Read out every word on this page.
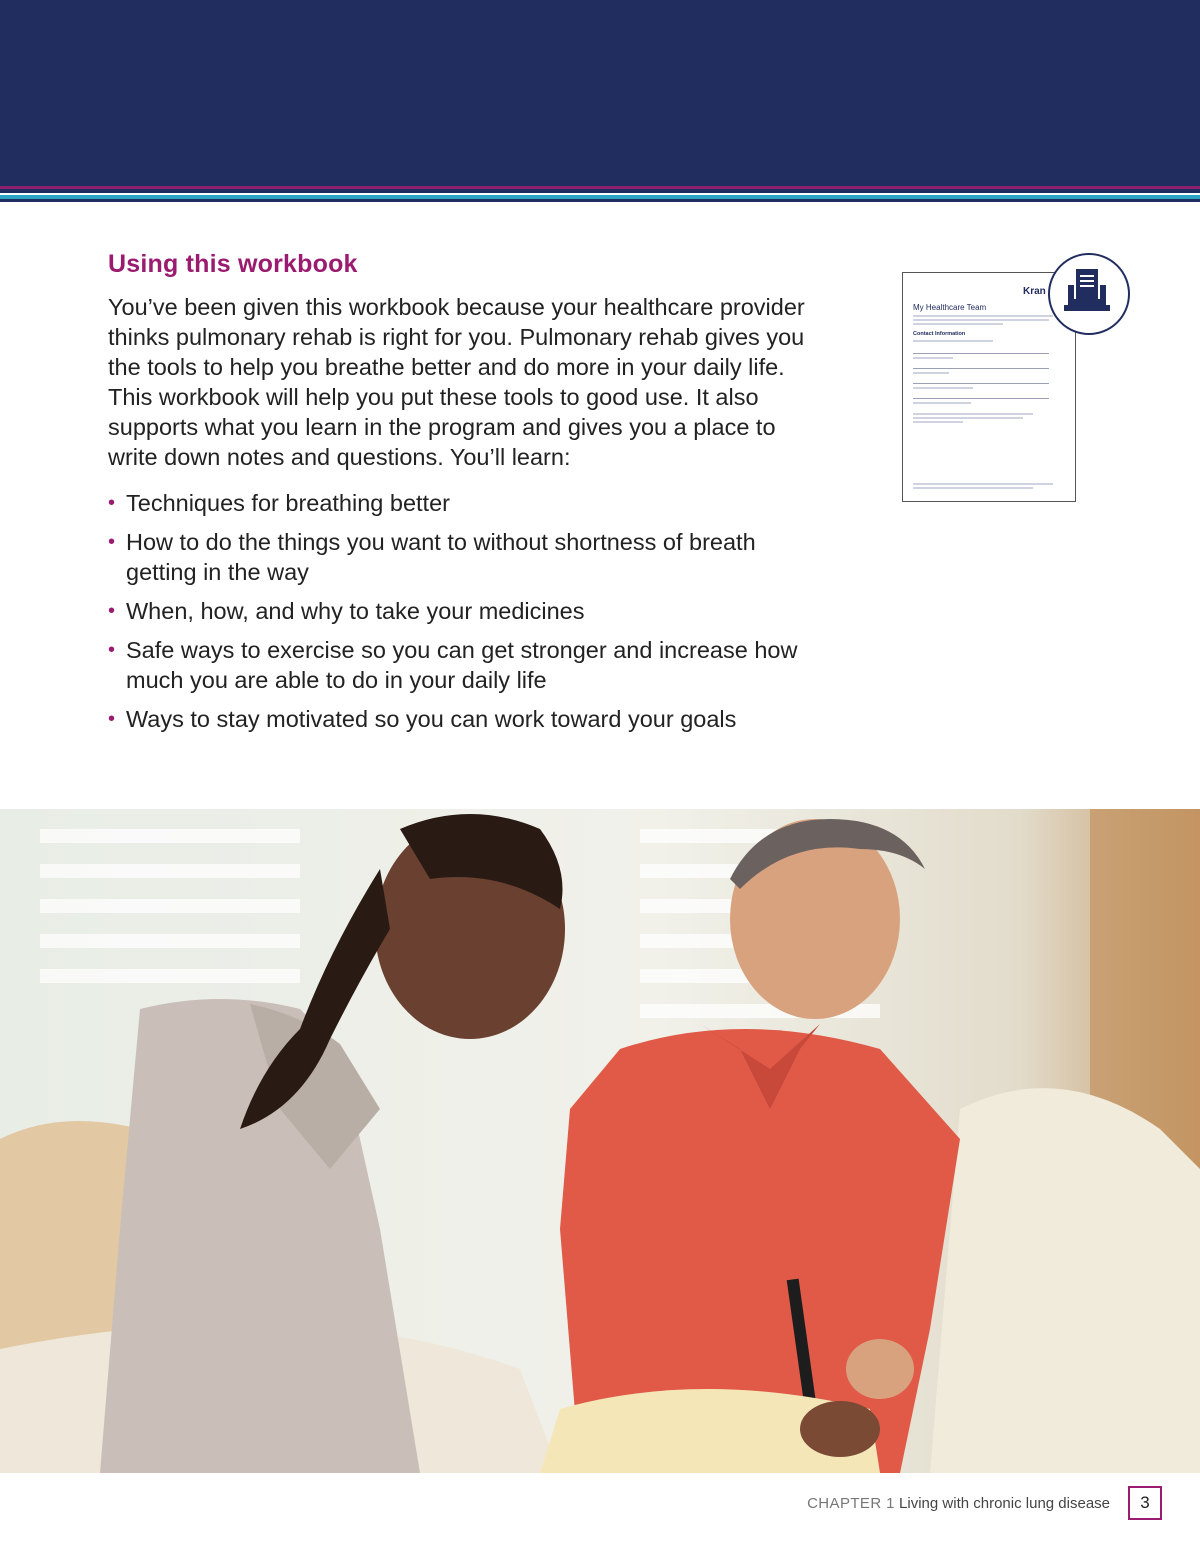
Using this workbook

You’ve been given this workbook because your healthcare provider thinks pulmonary rehab is right for you. Pulmonary rehab gives you the tools to help you breathe better and do more in your daily life. This workbook will help you put these tools to good use. It also supports what you learn in the program and gives you a place to write down notes and questions. You’ll learn:

• Techniques for breathing better
• How to do the things you want to without shortness of breath getting in the way
• When, how, and why to take your medicines
• Safe ways to exercise so you can get stronger and increase how much you are able to do in your daily life
• Ways to stay motivated so you can work toward your goals
Kran
My Healthcare Team
Contact Information
CHAPTER 1 Living with chronic lung disease	3
